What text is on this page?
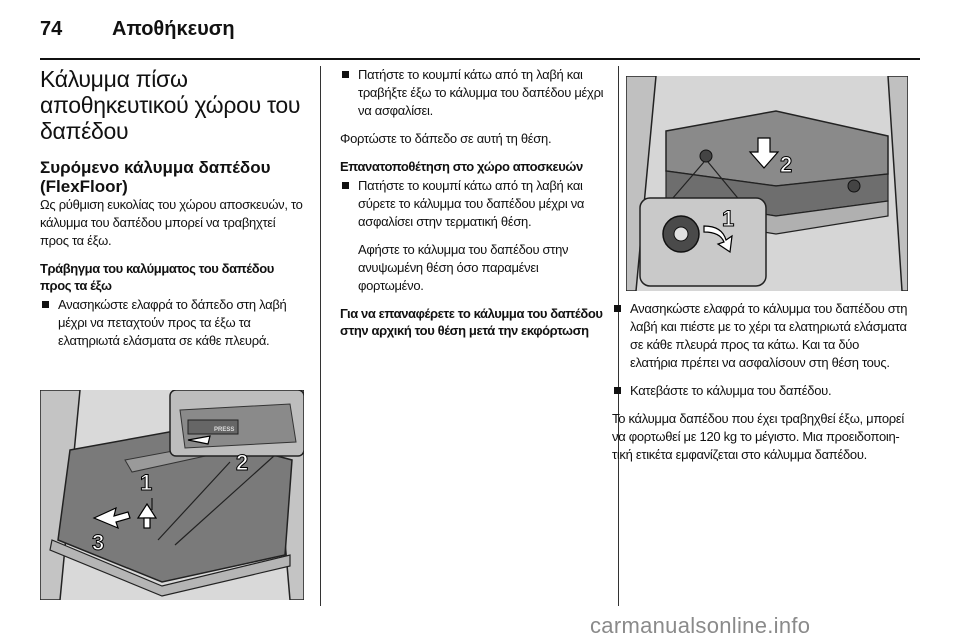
74 Αποθήκευση
Κάλυμμα πίσω αποθηκευτικού χώρου του δαπέδου
Συρόμενο κάλυμμα δαπέδου (FlexFloor)

Ως ρύθμιση ευκολίας του χώρου αποσκευών, το κάλυμμα του δαπέδου μπορεί να τραβηχτεί προς τα έξω.

Τράβηγμα του καλύμματος του δαπέδου προς τα έξω
Ανασηκώστε ελαφρά το δάπεδο στη λαβή μέχρι να πεταχτούν προς τα έξω τα ελατηριωτά ελάσματα σε κάθε πλευρά.
1
2
3
PRESS
Πατήστε το κουμπί κάτω από τη λαβή και τραβήξτε έξω το κάλυμμα του δαπέδου μέχρι να ασφαλίσει.

Φορτώστε το δάπεδο σε αυτή τη θέση.

Επανατοποθέτηση στο χώρο αποσκευών
Πατήστε το κουμπί κάτω από τη λαβή και σύρετε το κάλυμμα του δαπέδου μέχρι να ασφαλίσει στην τερματική θέση.

Αφήστε το κάλυμμα του δαπέδου στην ανυψωμένη θέση όσο παραμένει φορτωμένο.

Για να επαναφέρετε το κάλυμμα του δαπέδου στην αρχική του θέση μετά την εκφόρτωση
2
1
Ανασηκώστε ελαφρά το κάλυμμα του δαπέδου στη λαβή και πιέστε με το χέρι τα ελατηριωτά ελάσματα σε κάθε πλευρά προς τα κάτω. Και τα δύο ελατήρια πρέπει να ασφαλίσουν στη θέση τους.
Κατεβάστε το κάλυμμα του δαπέδου.

Το κάλυμμα δαπέδου που έχει τραβηχθεί έξω, μπορεί να φορτωθεί με 120 kg το μέγιστο. Μια προειδοποιητική ετικέτα εμφανίζεται στο κάλυμμα δαπέδου.

carmanualsonline.info
